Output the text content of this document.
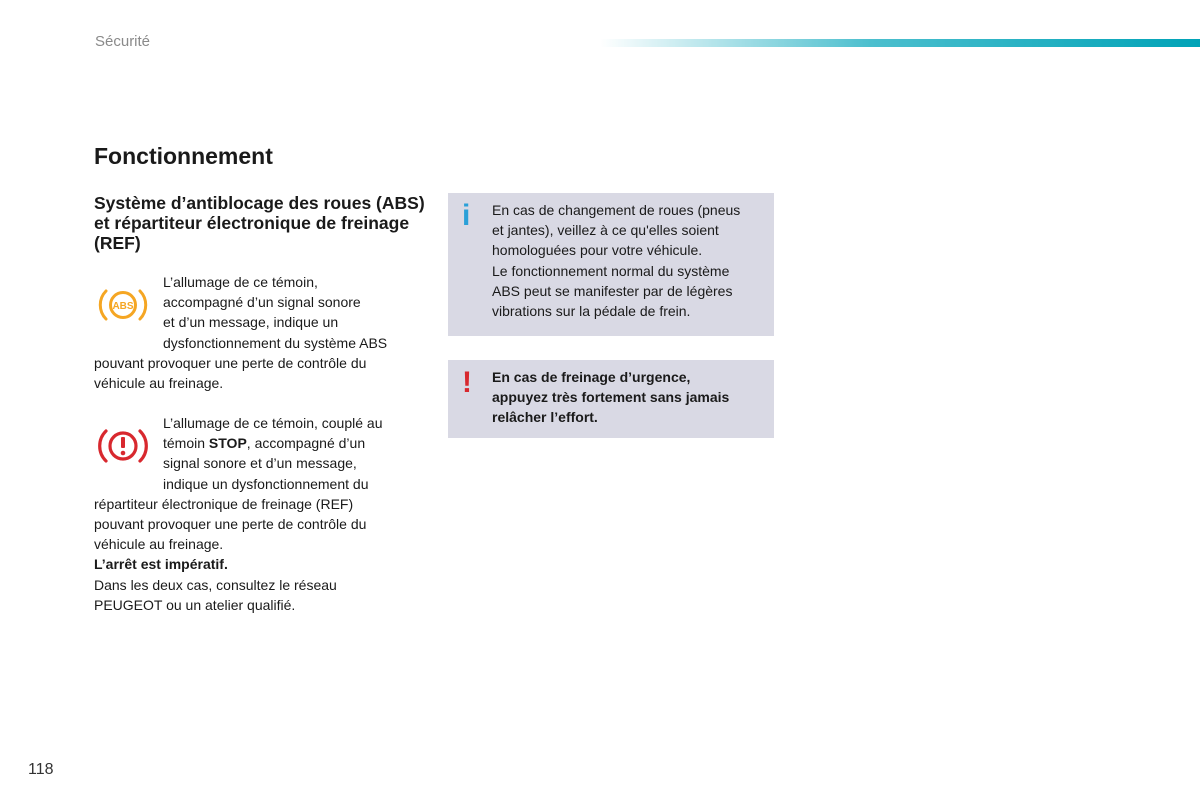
Sécurité
Fonctionnement
Système d’antiblocage des roues (ABS) et répartiteur électronique de freinage (REF)
ABS
L’allumage de ce témoin,
accompagné d’un signal sonore
et d’un message, indique un
dysfonctionnement du système ABS
pouvant provoquer une perte de contrôle du
véhicule au freinage.
L’allumage de ce témoin, couplé au
témoin STOP, accompagné d’un
signal sonore et d’un message,
indique un dysfonctionnement du
répartiteur électronique de freinage (REF)
pouvant provoquer une perte de contrôle du
véhicule au freinage.
L’arrêt est impératif.
Dans les deux cas, consultez le réseau
PEUGEOT ou un atelier qualifié.
i En cas de changement de roues (pneus
et jantes), veillez à ce qu'elles soient
homologuées pour votre véhicule.
Le fonctionnement normal du système
ABS peut se manifester par de légères
vibrations sur la pédale de frein.
! En cas de freinage d’urgence,
appuyez très fortement sans jamais
relâcher l’effort.
118
